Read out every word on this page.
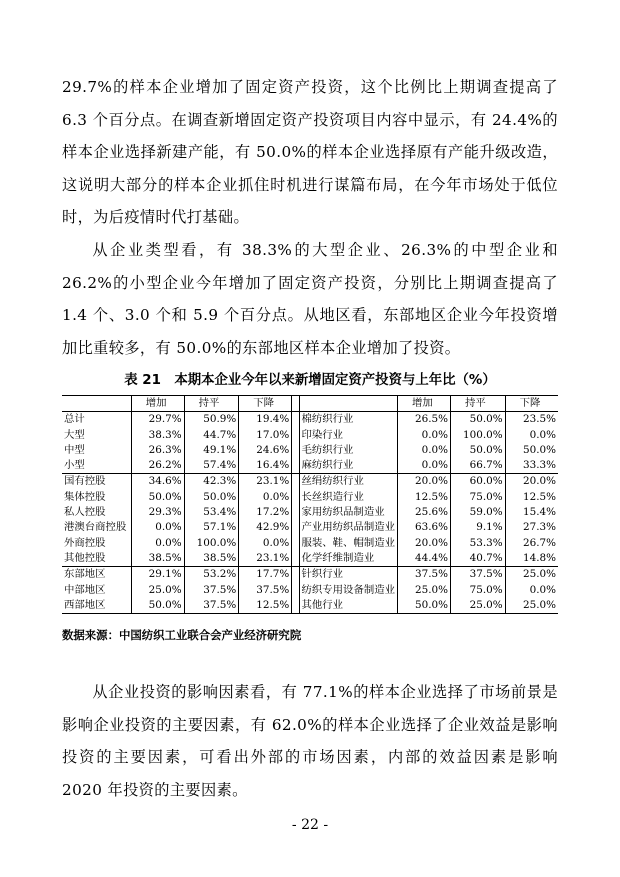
29.7%的样本企业增加了固定资产投资，这个比例比上期调查提高了 6.3 个百分点。在调查新增固定资产投资项目内容中显示，有 24.4%的样本企业选择新建产能，有 50.0%的样本企业选择原有产能升级改造，这说明大部分的样本企业抓住时机进行谋篇布局，在今年市场处于低位时，为后疫情时代打基础。

从企业类型看，有 38.3%的大型企业、26.3%的中型企业和 26.2%的小型企业今年增加了固定资产投资，分别比上期调查提高了 1.4 个、3.0 个和 5.9 个百分点。从地区看，东部地区企业今年投资增加比重较多，有 50.0%的东部地区样本企业增加了投资。

表 21　本期本企业今年以来新增固定资产投资与上年比（%）
	增加	持平	下降			增加	持平	下降
总计	29.7%	50.9%	19.4%		棉纺织行业	26.5%	50.0%	23.5%
大型	38.3%	44.7%	17.0%		印染行业	0.0%	100.0%	0.0%
中型	26.3%	49.1%	24.6%		毛纺织行业	0.0%	50.0%	50.0%
小型	26.2%	57.4%	16.4%		麻纺织行业	0.0%	66.7%	33.3%
国有控股	34.6%	42.3%	23.1%		丝绢纺织行业	20.0%	60.0%	20.0%
集体控股	50.0%	50.0%	0.0%		长丝织造行业	12.5%	75.0%	12.5%
私人控股	29.3%	53.4%	17.2%		家用纺织品制造业	25.6%	59.0%	15.4%
港澳台商控股	0.0%	57.1%	42.9%		产业用纺织品制造业	63.6%	9.1%	27.3%
外商控股	0.0%	100.0%	0.0%		服装、鞋、帽制造业	20.0%	53.3%	26.7%
其他控股	38.5%	38.5%	23.1%		化学纤维制造业	44.4%	40.7%	14.8%
东部地区	29.1%	53.2%	17.7%		针织行业	37.5%	37.5%	25.0%
中部地区	25.0%	37.5%	37.5%		纺织专用设备制造业	25.0%	75.0%	0.0%
西部地区	50.0%	37.5%	12.5%		其他行业	50.0%	25.0%	25.0%
数据来源：中国纺织工业联合会产业经济研究院

从企业投资的影响因素看，有 77.1%的样本企业选择了市场前景是影响企业投资的主要因素，有 62.0%的样本企业选择了企业效益是影响投资的主要因素，可看出外部的市场因素，内部的效益因素是影响 2020 年投资的主要因素。

- 22 -
